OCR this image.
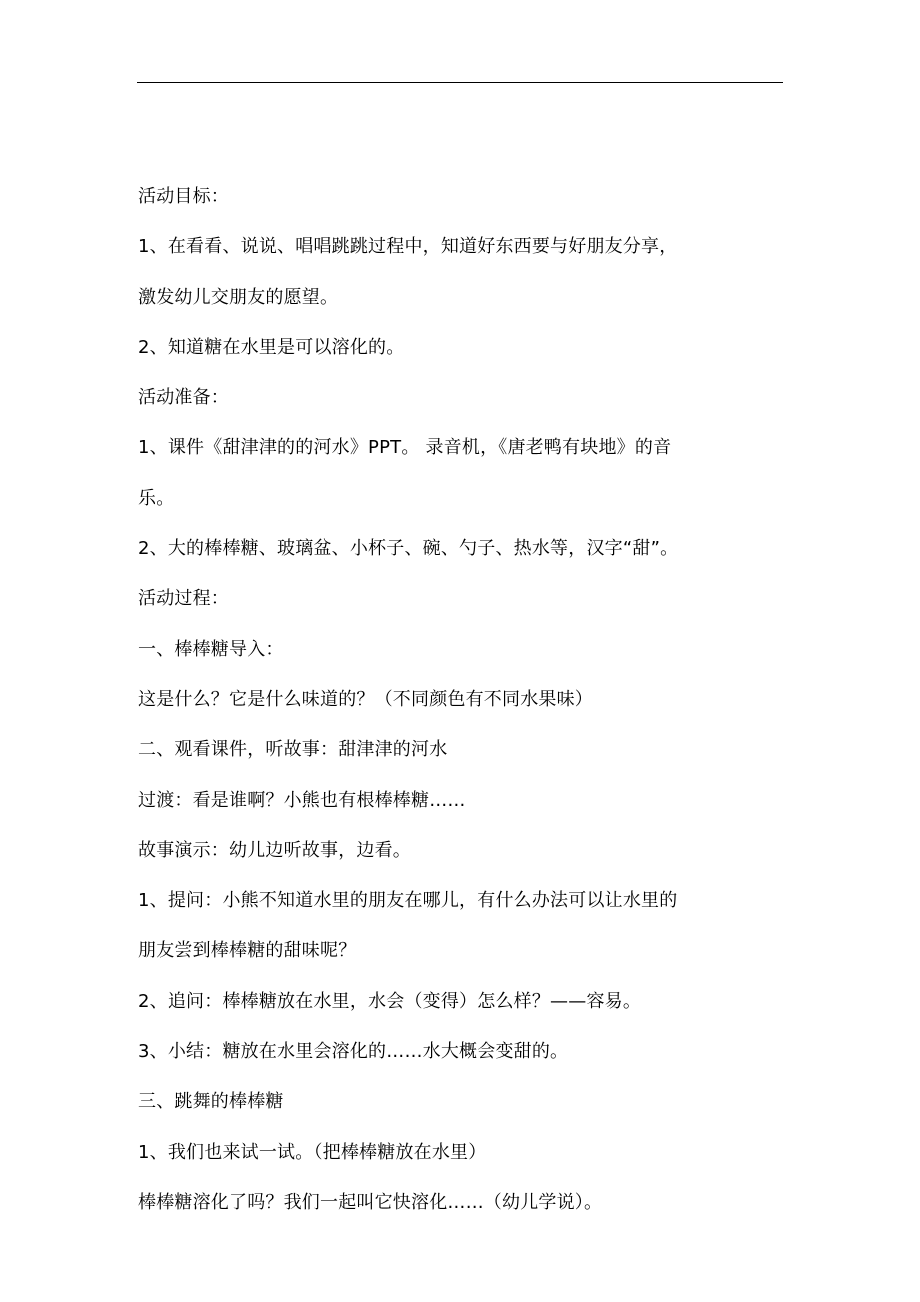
活动目标：
1、在看看、说说、唱唱跳跳过程中，知道好东西要与好朋友分享，
激发幼儿交朋友的愿望。
2、知道糖在水里是可以溶化的。
活动准备：
1、课件《甜津津的的河水》PPT。 录音机，《唐老鸭有块地》的音
乐。
2、大的棒棒糖、玻璃盆、小杯子、碗、勺子、热水等，汉字“甜”。
活动过程：
一、棒棒糖导入：
这是什么？它是什么味道的？（不同颜色有不同水果味）
二、观看课件，听故事：甜津津的河水
过渡：看是谁啊？小熊也有根棒棒糖……
故事演示：幼儿边听故事，边看。
1、提问：小熊不知道水里的朋友在哪儿，有什么办法可以让水里的
朋友尝到棒棒糖的甜味呢？
2、追问：棒棒糖放在水里，水会（变得）怎么样？——容易。
3、小结：糖放在水里会溶化的……水大概会变甜的。
三、跳舞的棒棒糖
1、我们也来试一试。（把棒棒糖放在水里）
棒棒糖溶化了吗？我们一起叫它快溶化……（幼儿学说）。
